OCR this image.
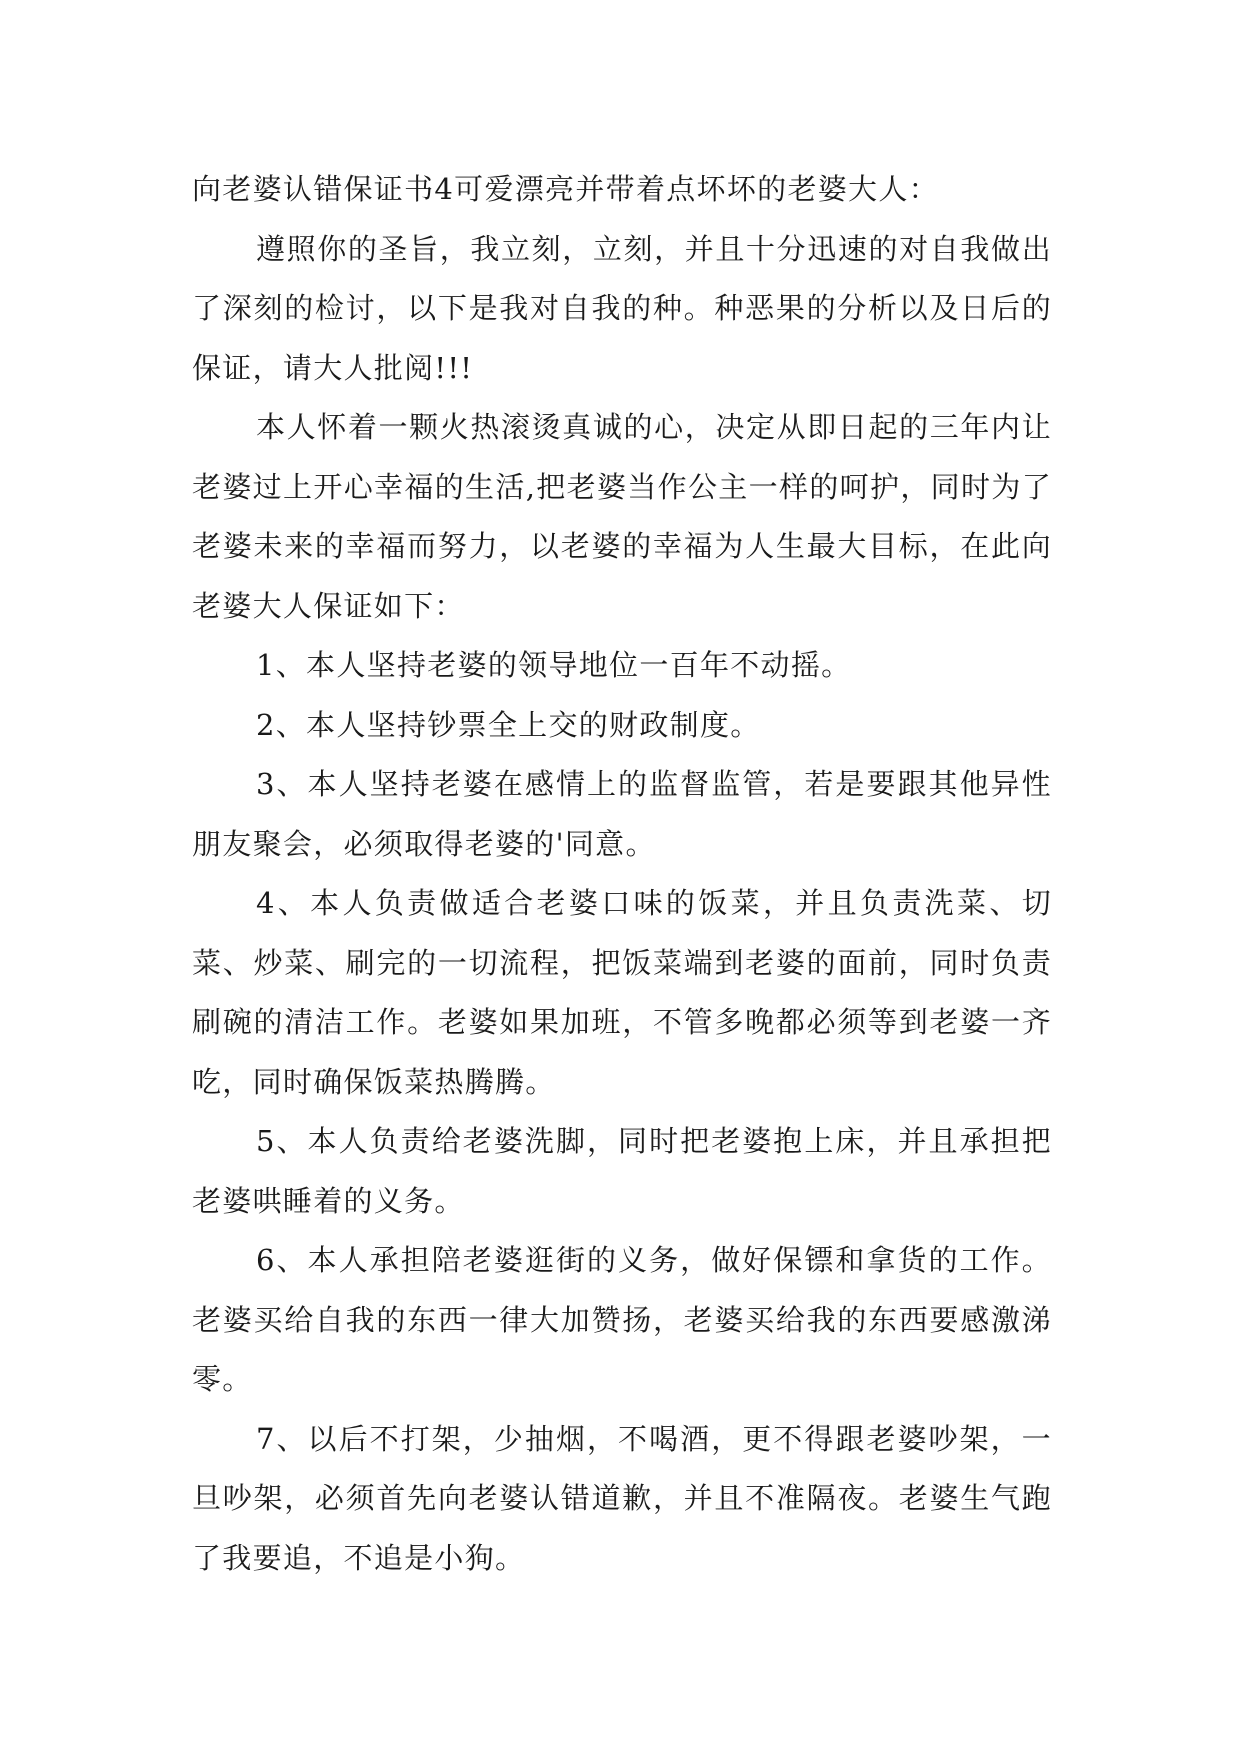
向老婆认错保证书4可爱漂亮并带着点坏坏的老婆大人：

遵照你的圣旨，我立刻，立刻，并且十分迅速的对自我做出了深刻的检讨，以下是我对自我的种。种恶果的分析以及日后的保证，请大人批阅!!!

本人怀着一颗火热滚烫真诚的心，决定从即日起的三年内让老婆过上开心幸福的生活,把老婆当作公主一样的呵护，同时为了老婆未来的幸福而努力，以老婆的幸福为人生最大目标，在此向老婆大人保证如下：

1、本人坚持老婆的领导地位一百年不动摇。

2、本人坚持钞票全上交的财政制度。

3、本人坚持老婆在感情上的监督监管，若是要跟其他异性朋友聚会，必须取得老婆的'同意。

4、本人负责做适合老婆口味的饭菜，并且负责洗菜、切菜、炒菜、刷完的一切流程，把饭菜端到老婆的面前，同时负责刷碗的清洁工作。老婆如果加班，不管多晚都必须等到老婆一齐吃，同时确保饭菜热腾腾。

5、本人负责给老婆洗脚，同时把老婆抱上床，并且承担把老婆哄睡着的义务。

6、本人承担陪老婆逛街的义务，做好保镖和拿货的工作。老婆买给自我的东西一律大加赞扬，老婆买给我的东西要感激涕零。

7、以后不打架，少抽烟，不喝酒，更不得跟老婆吵架，一旦吵架，必须首先向老婆认错道歉，并且不准隔夜。老婆生气跑了我要追，不追是小狗。
